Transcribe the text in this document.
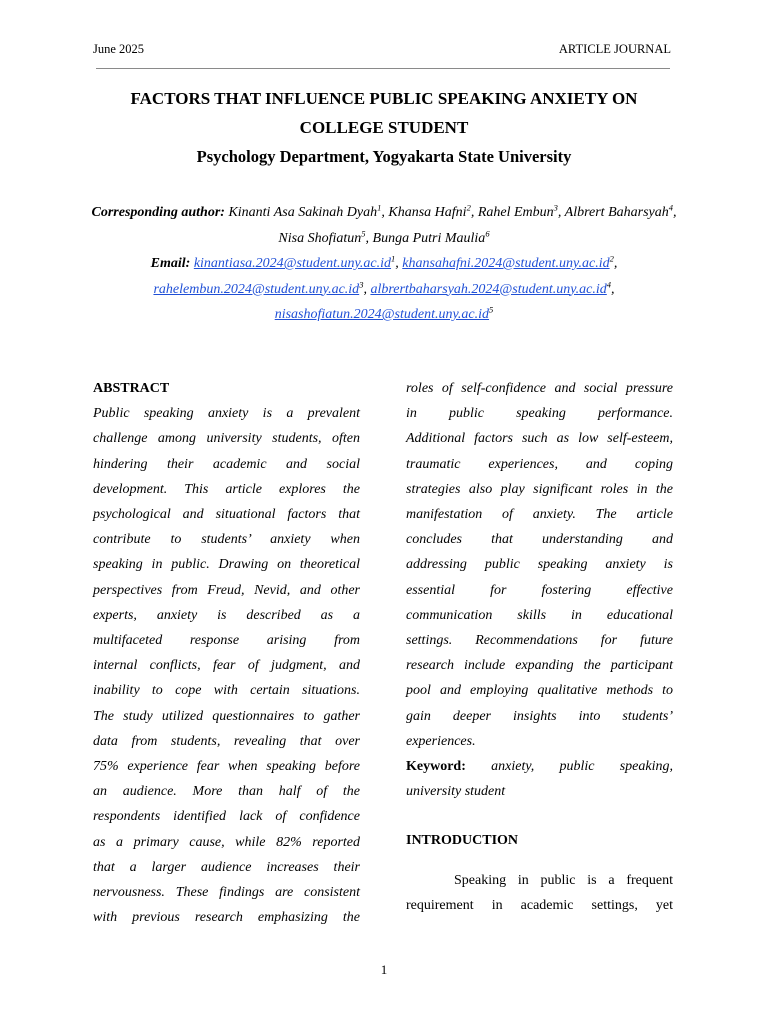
June 2025	ARTICLE JOURNAL
FACTORS THAT INFLUENCE PUBLIC SPEAKING ANXIETY ON
COLLEGE STUDENT
Psychology Department, Yogyakarta State University
Corresponding author: Kinanti Asa Sakinah Dyah$^1$, Khansa Hafni$^2$, Rahel Embun$^3$, Albrert Baharsyah$^4$, Nisa Shofiatun$^5$, Bunga Putri Maulia$^6$
Email: $kinantiasa.2024@student.uny.ac.id^1$, $khansahafni.2024@student.uny.ac.id^2$, $rahelembun.2024@student.uny.ac.id^3$, $albrertbaharsyah.2024@student.uny.ac.id^4$, $nisashofiatun.2024@student.uny.ac.id^5$
ABSTRACT
Public speaking anxiety is a prevalent
challenge among university students, often
hindering their academic and social
development. This article explores the
psychological and situational factors that
contribute to students’ anxiety when
speaking in public. Drawing on theoretical
perspectives from Freud, Nevid, and other
experts, anxiety is described as a
multifaceted response arising from
internal conflicts, fear of judgment, and
inability to cope with certain situations.
The study utilized questionnaires to gather
data from students, revealing that over
75% experience fear when speaking before
an audience. More than half of the
respondents identified lack of confidence
as a primary cause, while 82% reported
that a larger audience increases their
nervousness. These findings are consistent
with previous research emphasizing the
roles of self-confidence and social pressure
in public speaking performance.
Additional factors such as low self-esteem,
traumatic experiences, and coping
strategies also play significant roles in the
manifestation of anxiety. The article
concludes that understanding and
addressing public speaking anxiety is
essential for fostering effective
communication skills in educational
settings. Recommendations for future
research include expanding the participant
pool and employing qualitative methods to
gain deeper insights into students’
experiences.
Keyword: anxiety, public speaking,
university student
INTRODUCTION
Speaking in public is a frequent
requirement in academic settings, yet
1
